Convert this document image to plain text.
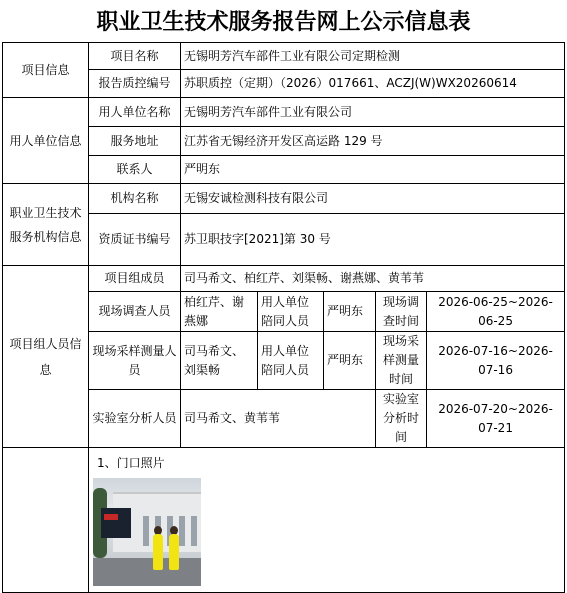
职业卫生技术服务报告网上公示信息表
项目信息	项目名称	无锡明芳汽车部件工业有限公司定期检测				
	报告质控编号	苏职质控（定期）（2026）017661、ACZJ(W)WX20260614				
用人单位信息	用人单位名称	无锡明芳汽车部件工业有限公司				
	服务地址	江苏省无锡经济开发区高运路 129 号				
	联系人	严明东				
职业卫生技术服务机构信息	机构名称	无锡安诚检测科技有限公司				
	资质证书编号	苏卫职技字[2021]第 30 号				
项目组人员信息	项目组成员	司马希文、柏红芹、刘渠畅、谢燕娜、黄苇苇				
	现场调查人员	柏红芹、谢燕娜	用人单位陪同人员	严明东	现场调查时间	2026-06-25~2026-06-25
	现场采样测量人员	司马希文、刘渠畅	用人单位陪同人员	严明东	现场采样测量时间	2026-07-16~2026-07-16
	实验室分析人员	司马希文、黄苇苇			实验室分析时间	2026-07-20~2026-07-21

	1、门口照片					
